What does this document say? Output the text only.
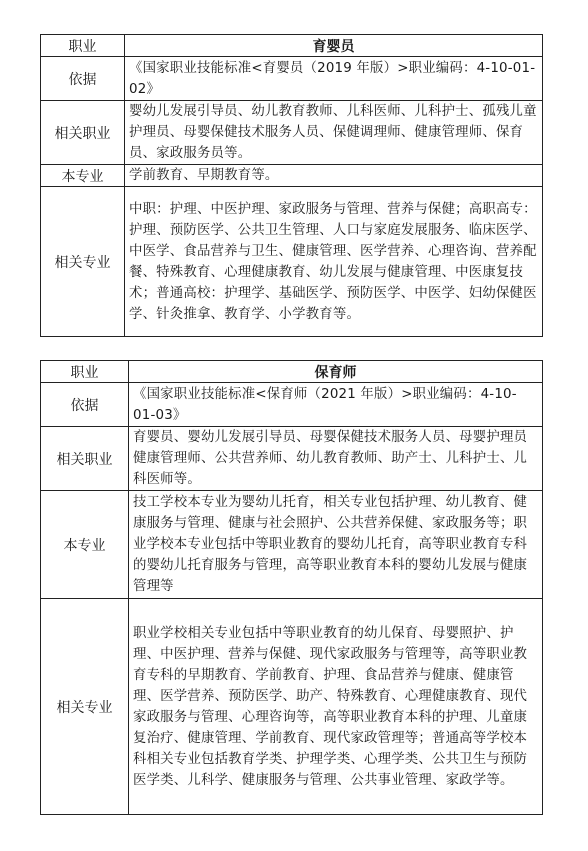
职业	育婴员
依据	《国家职业技能标准<育婴员（2019 年版）>职业编码：4-10-01-02》
相关职业	婴幼儿发展引导员、幼儿教育教师、儿科医师、儿科护士、孤残儿童护理员、母婴保健技术服务人员、保健调理师、健康管理师、保育员、家政服务员等。
本专业	学前教育、早期教育等。
相关专业	中职：护理、中医护理、家政服务与管理、营养与保健；高职高专：护理、预防医学、公共卫生管理、人口与家庭发展服务、临床医学、中医学、食品营养与卫生、健康管理、医学营养、心理咨询、营养配餐、特殊教育、心理健康教育、幼儿发展与健康管理、中医康复技术；普通高校：护理学、基础医学、预防医学、中医学、妇幼保健医学、针灸推拿、教育学、小学教育等。
职业	保育师
依据	《国家职业技能标准<保育师（2021 年版）>职业编码：4-10-01-03》
相关职业	育婴员、婴幼儿发展引导员、母婴保健技术服务人员、母婴护理员健康管理师、公共营养师、幼儿教育教师、助产士、儿科护士、儿科医师等。
本专业	技工学校本专业为婴幼儿托育，相关专业包括护理、幼儿教育、健康服务与管理、健康与社会照护、公共营养保健、家政服务等；职业学校本专业包括中等职业教育的婴幼儿托育，高等职业教育专科的婴幼儿托育服务与管理，高等职业教育本科的婴幼儿发展与健康管理等
相关专业	职业学校相关专业包括中等职业教育的幼儿保育、母婴照护、护理、中医护理、营养与保健、现代家政服务与管理等，高等职业教育专科的早期教育、学前教育、护理、食品营养与健康、健康管理、医学营养、预防医学、助产、特殊教育、心理健康教育、现代家政服务与管理、心理咨询等，高等职业教育本科的护理、儿童康复治疗、健康管理、学前教育、现代家政管理等；普通高等学校本科相关专业包括教育学类、护理学类、心理学类、公共卫生与预防医学类、儿科学、健康服务与管理、公共事业管理、家政学等。
